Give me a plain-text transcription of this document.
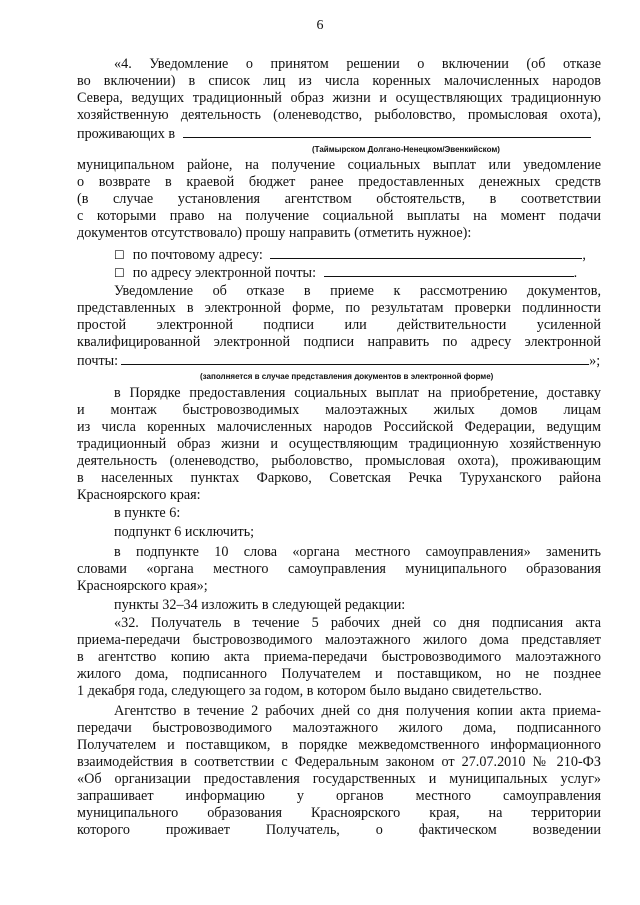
6
«4. Уведомление о принятом решении о включении (об отказе
во включении) в список лиц из числа коренных малочисленных народов
Севера, ведущих традиционный образ жизни и осуществляющих традиционную
хозяйственную деятельность (оленеводство, рыболовство, промысловая охота),
проживающих в
(Таймырском Долгано-Ненецком/Эвенкийском)
муниципальном районе, на получение социальных выплат или уведомление
о возврате в краевой бюджет ранее предоставленных денежных средств
(в случае установления агентством обстоятельств, в соответствии
с которыми право на получение социальной выплаты на момент подачи
документов отсутствовало) прошу направить (отметить нужное):
☐ по почтовому адресу:	,
☐ по адресу электронной почты:	.
Уведомление об отказе в приеме к рассмотрению документов,
представленных в электронной форме, по результатам проверки подлинности
простой электронной подписи или действительности усиленной
квалифицированной электронной подписи направить по адресу электронной
почты:	»;
(заполняется в случае представления документов в электронной форме)
в Порядке предоставления социальных выплат на приобретение, доставку
и монтаж быстровозводимых малоэтажных жилых домов лицам
из числа коренных малочисленных народов Российской Федерации, ведущим
традиционный образ жизни и осуществляющим традиционную хозяйственную
деятельность (оленеводство, рыболовство, промысловая охота), проживающим
в населенных пунктах Фарково, Советская Речка Туруханского района
Красноярского края:
в пункте 6:
подпункт 6 исключить;
в подпункте 10 слова «органа местного самоуправления» заменить
словами «органа местного самоуправления муниципального образования
Красноярского края»;
пункты 32–34 изложить в следующей редакции:
«32. Получатель в течение 5 рабочих дней со дня подписания акта
приема-передачи быстровозводимого малоэтажного жилого дома представляет
в агентство копию акта приема-передачи быстровозводимого малоэтажного
жилого дома, подписанного Получателем и поставщиком, но не позднее
1 декабря года, следующего за годом, в котором было выдано свидетельство.
Агентство в течение 2 рабочих дней со дня получения копии акта приема-
передачи быстровозводимого малоэтажного жилого дома, подписанного
Получателем и поставщиком, в порядке межведомственного информационного
взаимодействия в соответствии с Федеральным законом от 27.07.2010 № 210-ФЗ
«Об организации предоставления государственных и муниципальных услуг»
запрашивает информацию у органов местного самоуправления
муниципального образования Красноярского края, на территории
которого проживает Получатель, о фактическом возведении
